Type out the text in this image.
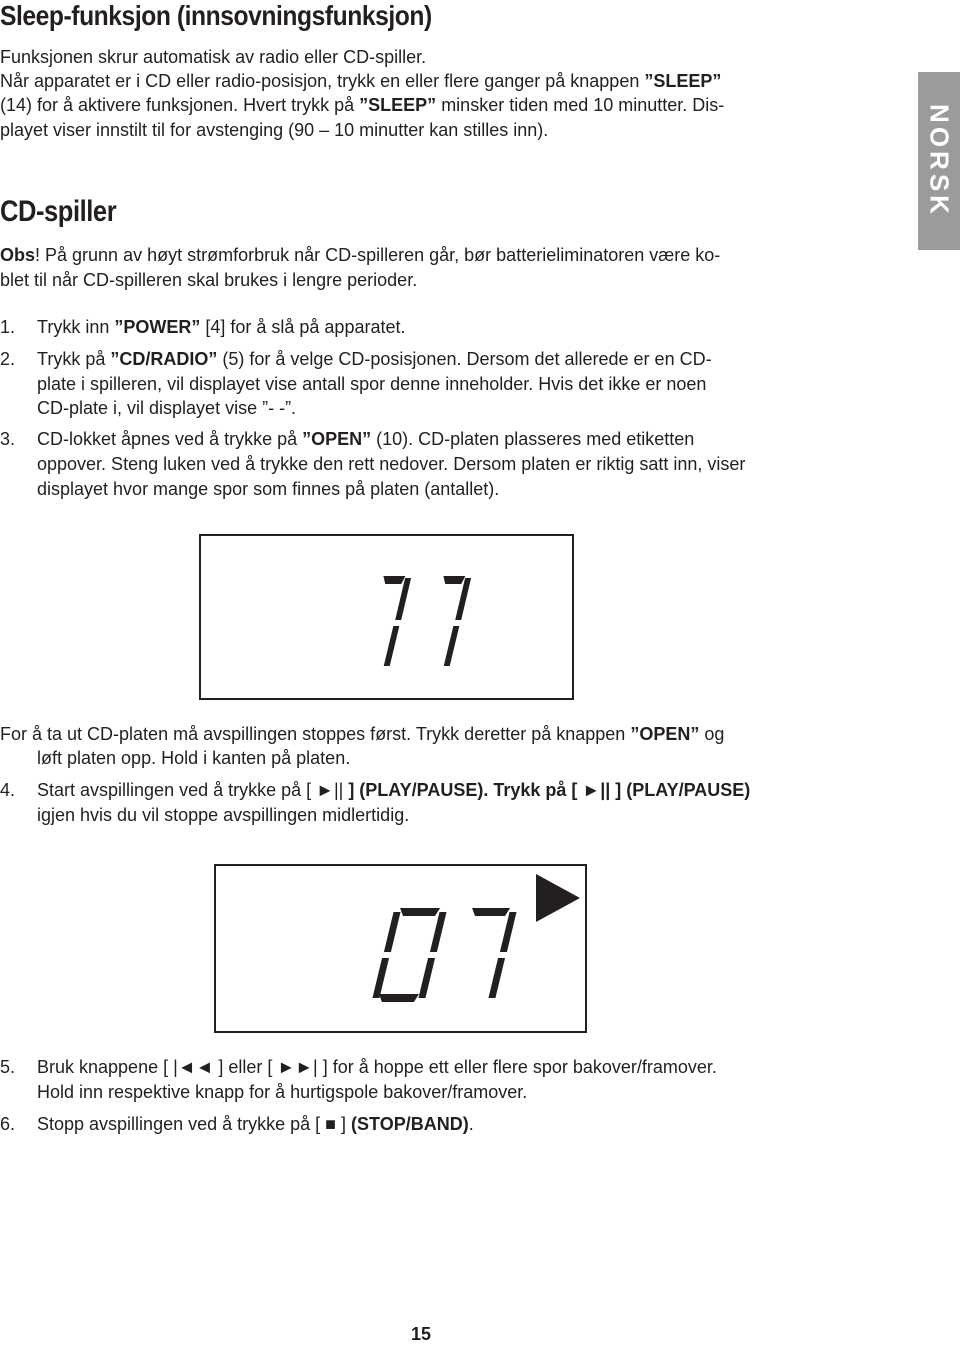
Sleep-funksjon (innsovningsfunksjon)
NORSK
Funksjonen skrur automatisk av radio eller CD-spiller.
Når apparatet er i CD eller radio-posisjon, trykk en eller flere ganger på knappen ”SLEEP”
(14) for å aktivere funksjonen. Hvert trykk på ”SLEEP” minsker tiden med 10 minutter. Dis-
playet viser innstilt til for avstenging (90 – 10 minutter kan stilles inn).
CD-spiller
Obs! På grunn av høyt strømforbruk når CD-spilleren går, bør batterieliminatoren være ko-
blet til når CD-spilleren skal brukes i lengre perioder.
1. Trykk inn ”POWER” [4] for å slå på apparatet.
2. Trykk på ”CD/RADIO” (5) for å velge CD-posisjonen. Dersom det allerede er en CD-
plate i spilleren, vil displayet vise antall spor denne inneholder. Hvis det ikke er noen
CD-plate i, vil displayet vise ”- -”.
3. CD-lokket åpnes ved å trykke på ”OPEN” (10). CD-platen plasseres med etiketten
oppover. Steng luken ved å trykke den rett nedover. Dersom platen er riktig satt inn, viser
displayet hvor mange spor som finnes på platen (antallet).
For å ta ut CD-platen må avspillingen stoppes først. Trykk deretter på knappen ”OPEN” og
løft platen opp. Hold i kanten på platen.
4. Start avspillingen ved å trykke på [ ►|| ] (PLAY/PAUSE). Trykk på [ ►|| ] (PLAY/PAUSE)
igjen hvis du vil stoppe avspillingen midlertidig.
5. Bruk knappene [ |◄◄ ] eller [ ►►| ] for å hoppe ett eller flere spor bakover/framover.
Hold inn respektive knapp for å hurtigspole bakover/framover.
6. Stopp avspillingen ved å trykke på [ ■ ] (STOP/BAND).
15
